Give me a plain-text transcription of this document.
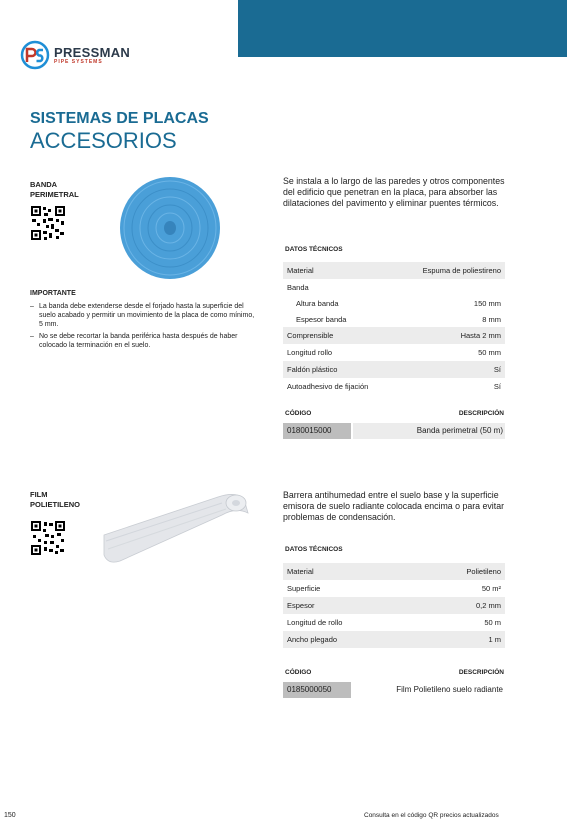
PRESSMAN
PIPE SYSTEMS
SISTEMAS DE PLACAS
ACCESORIOS
BANDA
PERIMETRAL
IMPORTANTE
– La banda debe extenderse desde el forjado hasta la superficie del suelo acabado y permitir un movimiento de la placa de como mínimo, 5 mm.
– No se debe recortar la banda periférica hasta después de haber colocado la terminación en el suelo.
Se instala a lo largo de las paredes y otros componentes del edificio que penetran en la placa, para absorber las dilataciones del pavimento y eliminar puentes térmicos.
DATOS TÉCNICOS
Material	Espuma de poliestireno
Banda	
Altura banda	150 mm
Espesor banda	8 mm
Comprensible	Hasta 2 mm
Longitud rollo	50 mm
Faldón plástico	Sí
Autoadhesivo de fijación	Sí
CÓDIGO	DESCRIPCIÓN
0180015000	Banda perimetral (50 m)
FILM
POLIETILENO
Barrera antihumedad entre el suelo base y la superficie emisora de suelo radiante colocada encima o para evitar problemas de condensación.
DATOS TÉCNICOS
Material	Polietileno
Superficie	50 m²
Espesor	0,2 mm
Longitud de rollo	50 m
Ancho plegado	1 m
CÓDIGO	DESCRIPCIÓN
0185000050	Film Polietileno suelo radiante
150	Consulta en el código QR precios actualizados
